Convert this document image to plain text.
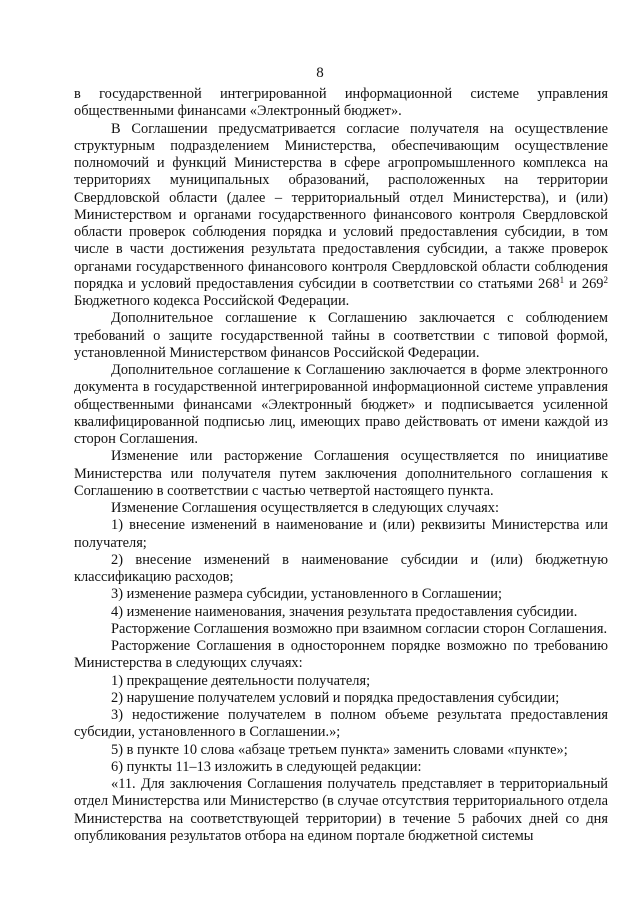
8

в государственной интегрированной информационной системе управления общественными финансами «Электронный бюджет».

В Соглашении предусматривается согласие получателя на осуществление структурным подразделением Министерства, обеспечивающим осуществление полномочий и функций Министерства в сфере агропромышленного комплекса на территориях муниципальных образований, расположенных на территории Свердловской области (далее – территориальный отдел Министерства), и (или) Министерством и органами государственного финансового контроля Свердловской области проверок соблюдения порядка и условий предоставления субсидии, в том числе в части достижения результата предоставления субсидии, а также проверок органами государственного финансового контроля Свердловской области соблюдения порядка и условий предоставления субсидии в соответствии со статьями $268^1$ и $269^2$ Бюджетного кодекса Российской Федерации.

Дополнительное соглашение к Соглашению заключается с соблюдением требований о защите государственной тайны в соответствии с типовой формой, установленной Министерством финансов Российской Федерации.

Дополнительное соглашение к Соглашению заключается в форме электронного документа в государственной интегрированной информационной системе управления общественными финансами «Электронный бюджет» и подписывается усиленной квалифицированной подписью лиц, имеющих право действовать от имени каждой из сторон Соглашения.

Изменение или расторжение Соглашения осуществляется по инициативе Министерства или получателя путем заключения дополнительного соглашения к Соглашению в соответствии с частью четвертой настоящего пункта.

Изменение Соглашения осуществляется в следующих случаях:

1) внесение изменений в наименование и (или) реквизиты Министерства или получателя;

2) внесение изменений в наименование субсидии и (или) бюджетную классификацию расходов;

3) изменение размера субсидии, установленного в Соглашении;

4) изменение наименования, значения результата предоставления субсидии.

Расторжение Соглашения возможно при взаимном согласии сторон Соглашения.

Расторжение Соглашения в одностороннем порядке возможно по требованию Министерства в следующих случаях:

1) прекращение деятельности получателя;

2) нарушение получателем условий и порядка предоставления субсидии;

3) недостижение получателем в полном объеме результата предоставления субсидии, установленного в Соглашении.»;

5) в пункте 10 слова «абзаце третьем пункта» заменить словами «пункте»;

6) пункты 11–13 изложить в следующей редакции:

«11. Для заключения Соглашения получатель представляет в территориальный отдел Министерства или Министерство (в случае отсутствия территориального отдела Министерства на соответствующей территории) в течение 5 рабочих дней со дня опубликования результатов отбора на едином портале бюджетной системы
